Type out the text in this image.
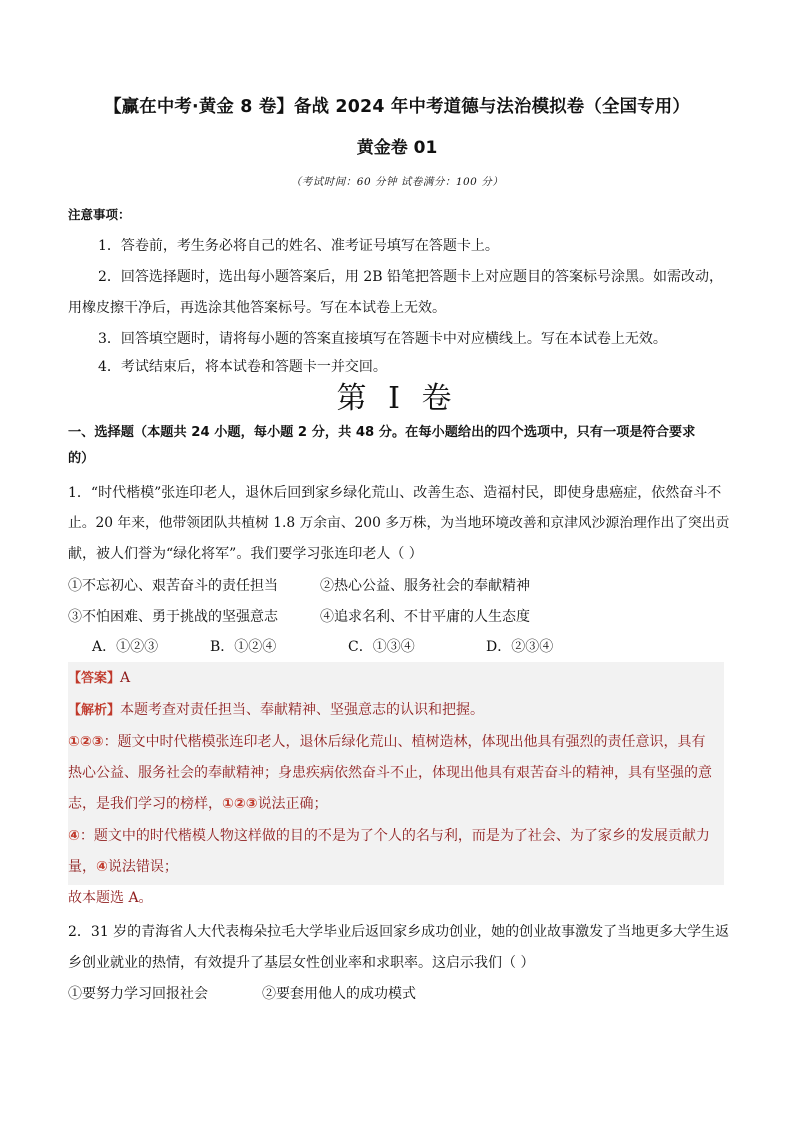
【赢在中考·黄金 8 卷】备战 2024 年中考道德与法治模拟卷（全国专用）
黄金卷 01
（考试时间：60 分钟 试卷满分：100 分）
注意事项：
1．答卷前，考生务必将自己的姓名、准考证号填写在答题卡上。
2．回答选择题时，选出每小题答案后，用 2B 铅笔把答题卡上对应题目的答案标号涂黑。如需改动，
用橡皮擦干净后，再选涂其他答案标号。写在本试卷上无效。
3．回答填空题时，请将每小题的答案直接填写在答题卡中对应横线上。写在本试卷上无效。
4．考试结束后，将本试卷和答题卡一并交回。
第 I 卷
一、选择题（本题共 24 小题，每小题 2 分，共 48 分。在每小题给出的四个选项中，只有一项是符合要求
的）
1．“时代楷模”张连印老人，退休后回到家乡绿化荒山、改善生态、造福村民，即使身患癌症，依然奋斗不
止。20 年来，他带领团队共植树 1.8 万余亩、200 多万株，为当地环境改善和京津风沙源治理作出了突出贡
献，被人们誉为“绿化将军”。我们要学习张连印老人（ ）
①不忘初心、艰苦奋斗的责任担当	②热心公益、服务社会的奉献精神
③不怕困难、勇于挑战的坚强意志	④追求名利、不甘平庸的人生态度
A．①②③	B．①②④	C．①③④	D．②③④
【答案】A
【解析】本题考查对责任担当、奉献精神、坚强意志的认识和把握。
①②③：题文中时代楷模张连印老人，退休后绿化荒山、植树造林，体现出他具有强烈的责任意识，具有
热心公益、服务社会的奉献精神；身患疾病依然奋斗不止，体现出他具有艰苦奋斗的精神，具有坚强的意
志，是我们学习的榜样，①②③说法正确；
④：题文中的时代楷模人物这样做的目的不是为了个人的名与利，而是为了社会、为了家乡的发展贡献力
量，④说法错误；
故本题选 A。
2．31 岁的青海省人大代表梅朵拉毛大学毕业后返回家乡成功创业，她的创业故事激发了当地更多大学生返
乡创业就业的热情，有效提升了基层女性创业率和求职率。这启示我们（ ）
①要努力学习回报社会	②要套用他人的成功模式
